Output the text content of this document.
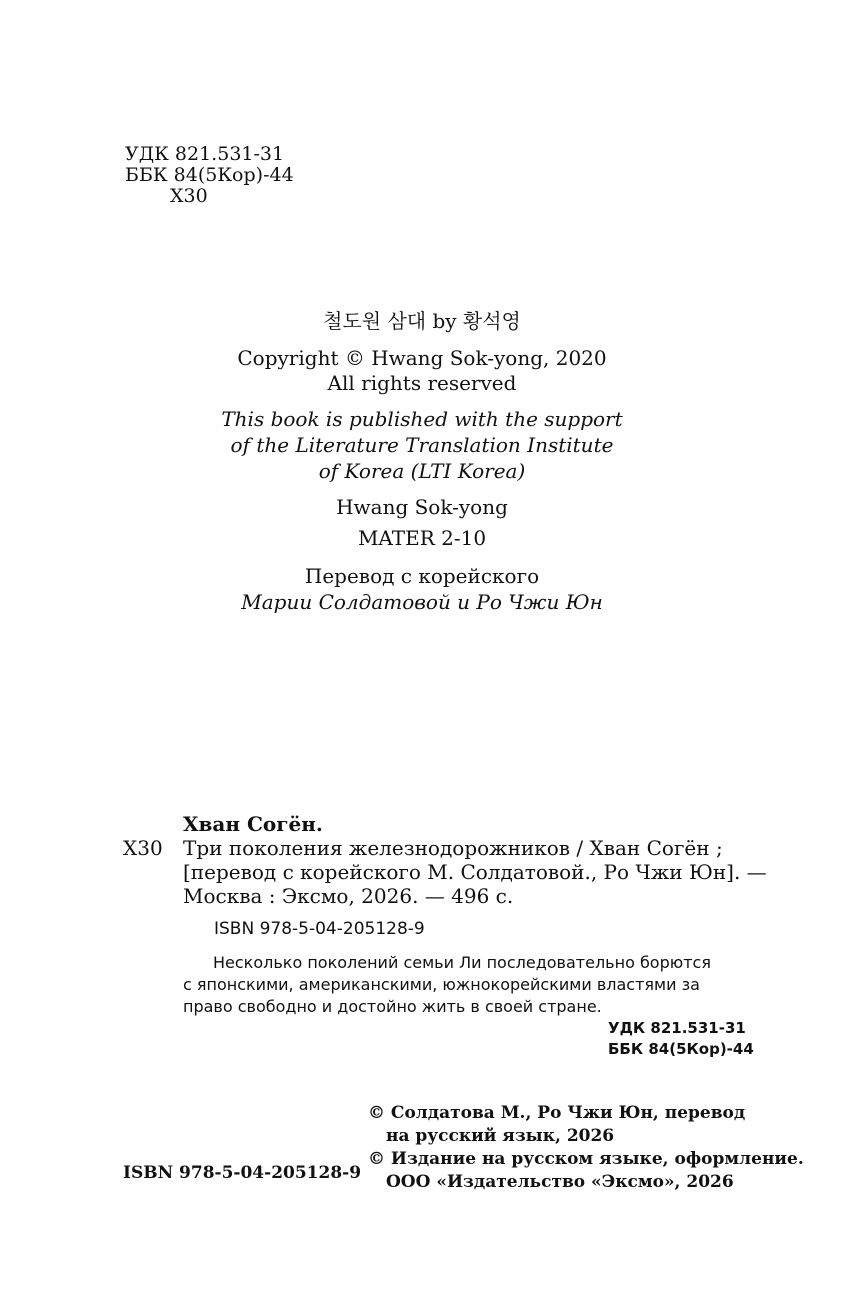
УДК 821.531-31
ББК 84(5Кор)-44
Х30
철도원 삼대 by 황석영
Copyright © Hwang Sok-yong, 2020
All rights reserved
This book is published with the support
of the Literature Translation Institute
of Korea (LTI Korea)
Hwang Sok-yong
MATER 2-10
Перевод с корейского
Марии Солдатовой и Ро Чжи Юн
Хван Согён.
Х30 Три поколения железнодорожников / Хван Согён ;
[перевод с корейского М. Солдатовой., Ро Чжи Юн]. —
Москва : Эксмо, 2026. — 496 с.
ISBN 978-5-04-205128-9
Несколько поколений семьи Ли последовательно борются
с японскими, американскими, южнокорейскими властями за
право свободно и достойно жить в своей стране.
УДК 821.531-31
ББК 84(5Кор)-44
ISBN 978-5-04-205128-9
© Солдатова М., Ро Чжи Юн, перевод
на русский язык, 2026
© Издание на русском языке, оформление.
ООО «Издательство «Эксмо», 2026
